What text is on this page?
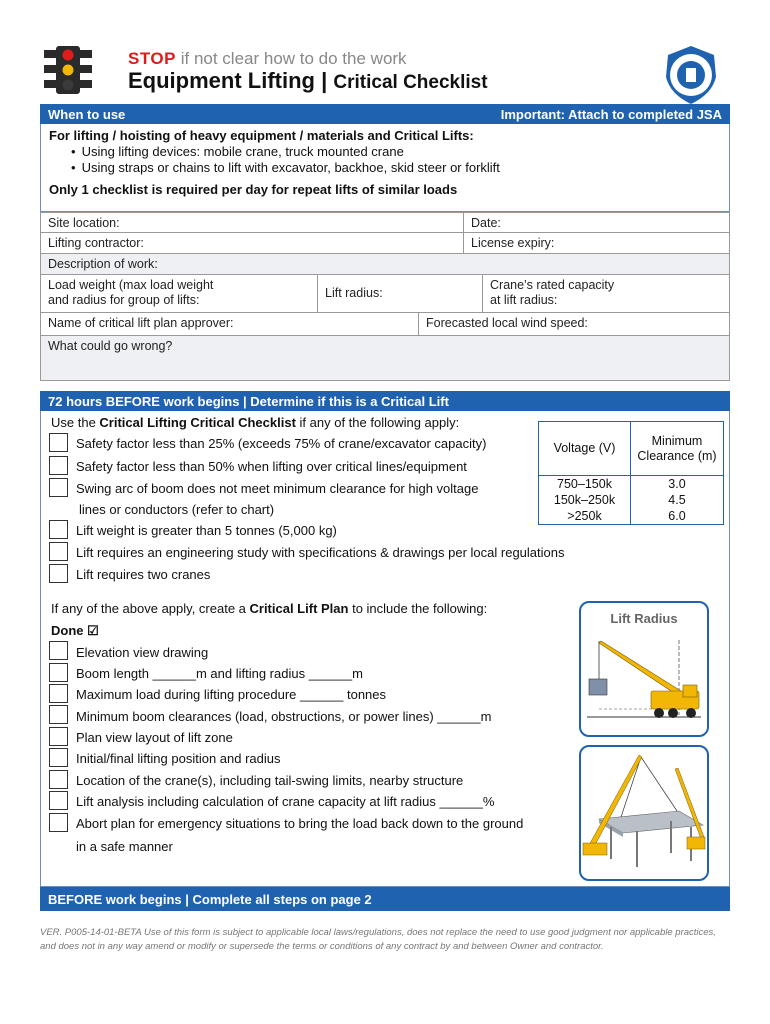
STOP if not clear how to do the work
Equipment Lifting | Critical Checklist
When to use	Important: Attach to completed JSA
For lifting / hoisting of heavy equipment / materials and Critical Lifts:
• Using lifting devices: mobile crane, truck mounted crane
• Using straps or chains to lift with excavator, backhoe, skid steer or forklift
Only 1 checklist is required per day for repeat lifts of similar loads
Site location:	Date:
Lifting contractor:	License expiry:
Description of work:
Load weight (max load weight
and radius for group of lifts:	Lift radius:
Crane’s rated capacity
at lift radius:
Name of critical lift plan approver:	Forecasted local wind speed:
What could go wrong?
72 hours BEFORE work begins | Determine if this is a Critical Lift
Use the Critical Lifting Critical Checklist if any of the following apply:
Safety factor less than 25% (exceeds 75% of crane/excavator capacity)
Safety factor less than 50% when lifting over critical lines/equipment
Swing arc of boom does not meet minimum clearance for high voltage
lines or conductors (refer to chart)
Lift weight is greater than 5 tonnes (5,000 kg)
Lift requires an engineering study with specifications & drawings per local regulations
Lift requires two cranes
Voltage (V)
Minimum Clearance (m)
750–150k	3.0
150k–250k	4.5
>250k	6.0
If any of the above apply, create a Critical Lift Plan to include the following:
Done ☑
Elevation view drawing
Boom length ______m and lifting radius ______m
Maximum load during lifting procedure ______ tonnes
Minimum boom clearances (load, obstructions, or power lines) ______m
Plan view layout of lift zone
Initial/final lifting position and radius
Location of the crane(s), including tail-swing limits, nearby structure
Lift analysis including calculation of crane capacity at lift radius ______%
Abort plan for emergency situations to bring the load back down to the ground
in a safe manner
Lift Radius
BEFORE work begins | Complete all steps on page 2
VER. P005-14-01-BETA Use of this form is subject to applicable local laws/regulations, does not replace the need to use good judgment nor applicable practices,
and does not in any way amend or modify or supersede the terms or conditions of any contract by and between Owner and contractor.
